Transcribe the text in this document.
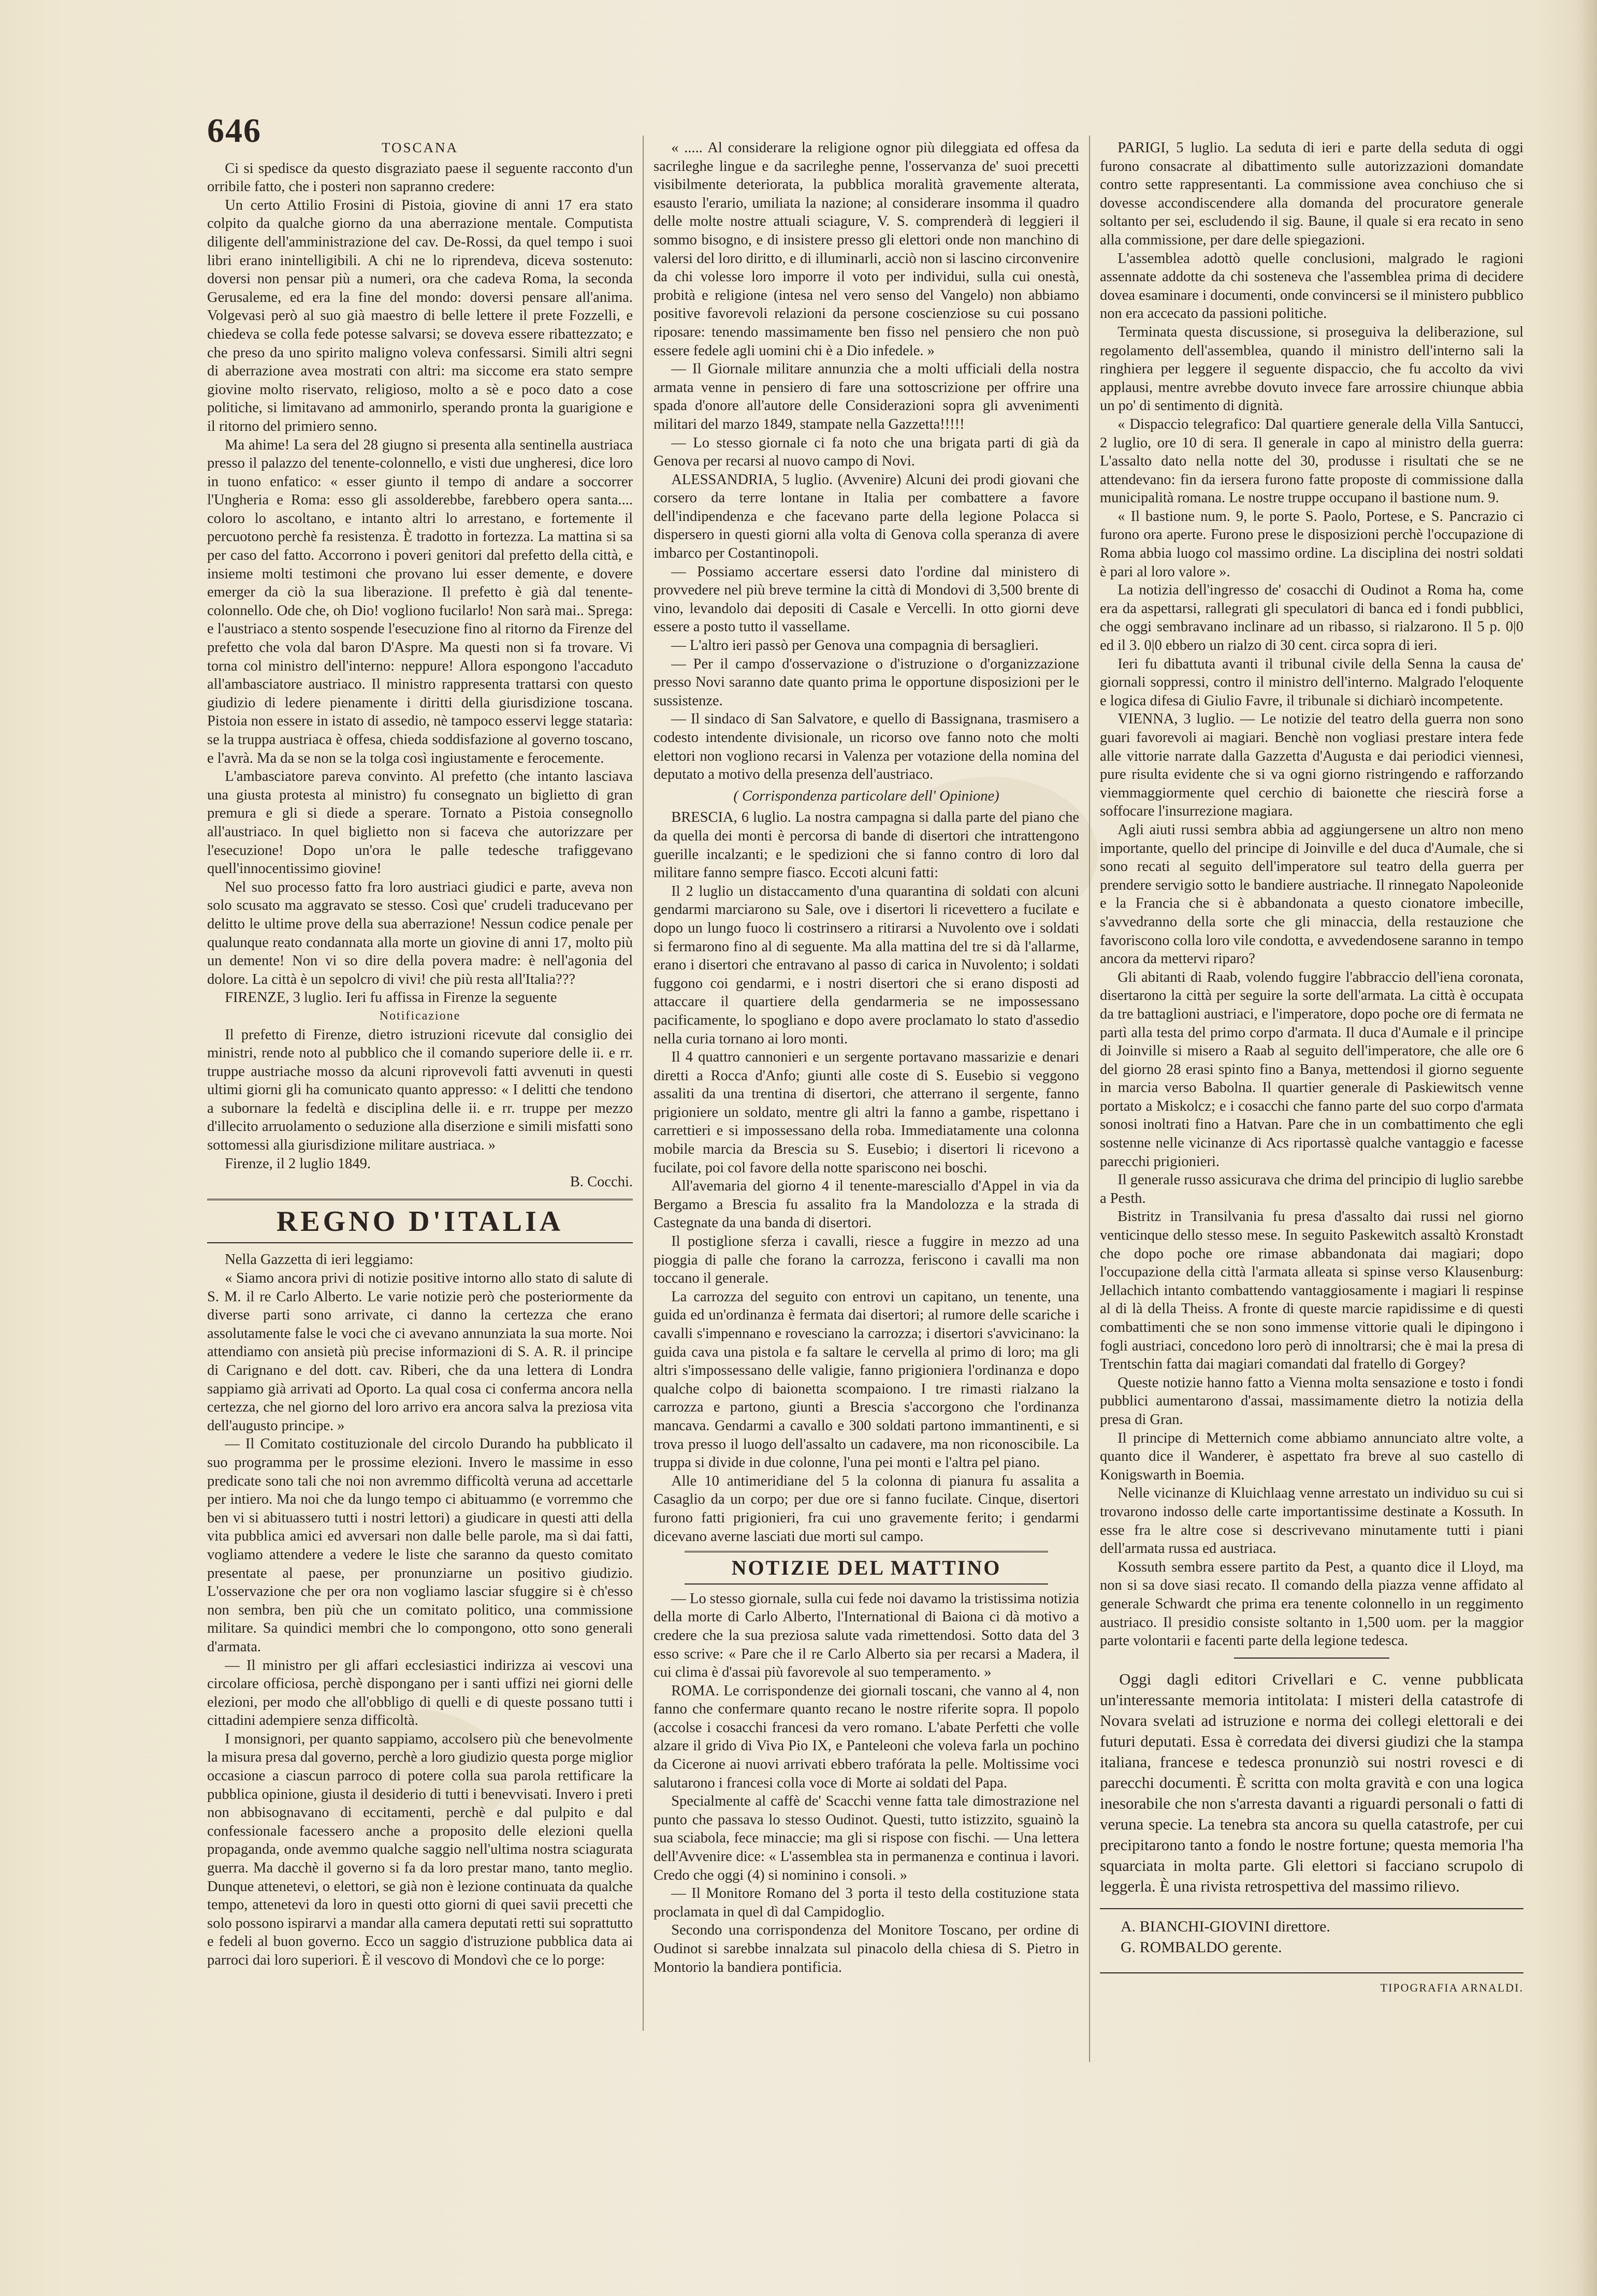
646	TOSCANA

Ci si spedisce da questo disgraziato paese il seguente racconto d'un orribile fatto, che i posteri non sapranno credere:

Un certo Attilio Frosini di Pistoia, giovine di anni 17 era stato colpito da qualche giorno da una aberrazione mentale. Computista diligente dell'amministrazione del cav. De-Rossi, da quel tempo i suoi libri erano inintelligibili. A chi ne lo riprendeva, diceva sostenuto: doversi non pensar più a numeri, ora che cadeva Roma, la seconda Gerusaleme, ed era la fine del mondo: doversi pensare all'anima. Volgevasi però al suo già maestro di belle lettere il prete Fozzelli, e chiedeva se colla fede potesse salvarsi; se doveva essere ribattezzato; e che preso da uno spirito maligno voleva confessarsi. Simili altri segni di aberrazione avea mostrati con altri: ma siccome era stato sempre giovine molto riservato, religioso, molto a sè e poco dato a cose politiche, si limitavano ad ammonirlo, sperando pronta la guarigione e il ritorno del primiero senno.

Ma ahime! La sera del 28 giugno si presenta alla sentinella austriaca presso il palazzo del tenente-colonnello, e visti due ungheresi, dice loro in tuono enfatico: « esser giunto il tempo di andare a soccorrer l'Ungheria e Roma: esso gli assolderebbe, farebbero opera santa.... coloro lo ascoltano, e intanto altri lo arrestano, e fortemente il percuotono perchè fa resistenza. È tradotto in fortezza. La mattina si sa per caso del fatto. Accorrono i poveri genitori dal prefetto della città, e insieme molti testimoni che provano lui esser demente, e dovere emerger da ciò la sua liberazione. Il prefetto è già dal tenente-colonnello. Ode che, oh Dio! vogliono fucilarlo! Non sarà mai.. Sprega: e l'austriaco a stento sospende l'esecuzione fino al ritorno da Firenze del prefetto che vola dal baron D'Aspre. Ma questi non si fa trovare. Vi torna col ministro dell'interno: neppure! Allora espongono l'accaduto all'ambasciatore austriaco. Il ministro rappresenta trattarsi con questo giudizio di ledere pienamente i diritti della giurisdizione toscana. Pistoia non essere in istato di assedio, nè tampoco esservi legge statarìa: se la truppa austriaca è offesa, chieda soddisfazione al governo toscano, e l'avrà. Ma da se non se la tolga così ingiustamente e ferocemente.

L'ambasciatore pareva convinto. Al prefetto (che intanto lasciava una giusta protesta al ministro) fu consegnato un biglietto di gran premura e gli si diede a sperare. Tornato a Pistoia consegnollo all'austriaco. In quel biglietto non si faceva che autorizzare per l'esecuzione! Dopo un'ora le palle tedesche trafiggevano quell'innocentissimo giovine!

Nel suo processo fatto fra loro austriaci giudici e parte, aveva non solo scusato ma aggravato se stesso. Così que' crudeli traducevano per delitto le ultime prove della sua aberrazione! Nessun codice penale per qualunque reato condannata alla morte un giovine di anni 17, molto più un demente! Non vi so dire della povera madre: è nell'agonia del dolore. La città è un sepolcro di vivi! che più resta all'Italia???

FIRENZE, 3 luglio. Ieri fu affissa in Firenze la seguente

Notificazione

Il prefetto di Firenze, dietro istruzioni ricevute dal consiglio dei ministri, rende noto al pubblico che il comando superiore delle ii. e rr. truppe austriache mosso da alcuni riprovevoli fatti avvenuti in questi ultimi giorni gli ha comunicato quanto appresso: « I delitti che tendono a subornare la fedeltà e disciplina delle ii. e rr. truppe per mezzo d'illecito arruolamento o seduzione alla diserzione e simili misfatti sono sottomessi alla giurisdizione militare austriaca. »

Firenze, il 2 luglio 1849.

B. Cocchi.

REGNO D'ITALIA

Nella Gazzetta di ieri leggiamo:

« Siamo ancora privi di notizie positive intorno allo stato di salute di S. M. il re Carlo Alberto. Le varie notizie però che posteriormente da diverse parti sono arrivate, ci danno la certezza che erano assolutamente false le voci che ci avevano annunziata la sua morte. Noi attendiamo con ansietà più precise informazioni di S. A. R. il principe di Carignano e del dott. cav. Riberi, che da una lettera di Londra sappiamo già arrivati ad Oporto. La qual cosa ci conferma ancora nella certezza, che nel giorno del loro arrivo era ancora salva la preziosa vita dell'augusto principe. »

— Il Comitato costituzionale del circolo Durando ha pubblicato il suo programma per le prossime elezioni. Invero le massime in esso predicate sono tali che noi non avremmo difficoltà veruna ad accettarle per intiero. Ma noi che da lungo tempo ci abituammo (e vorremmo che ben vi si abituassero tutti i nostri lettori) a giudicare in questi atti della vita pubblica amici ed avversari non dalle belle parole, ma sì dai fatti, vogliamo attendere a vedere le liste che saranno da questo comitato presentate al paese, per pronunziarne un positivo giudizio. L'osservazione che per ora non vogliamo lasciar sfuggire si è ch'esso non sembra, ben più che un comitato politico, una commissione militare. Sa quindici membri che lo compongono, otto sono generali d'armata.

— Il ministro per gli affari ecclesiastici indirizza ai vescovi una circolare officiosa, perchè dispongano per i santi uffizi nei giorni delle elezioni, per modo che all'obbligo di quelli e di queste possano tutti i cittadini adempiere senza difficoltà.

I monsignori, per quanto sappiamo, accolsero più che benevolmente la misura presa dal governo, perchè a loro giudizio questa porge miglior occasione a ciascun parroco di potere colla sua parola rettificare la pubblica opinione, giusta il desiderio di tutti i benevvisati. Invero i preti non abbisognavano di eccitamenti, perchè e dal pulpito e dal confessionale facessero anche a proposito delle elezioni quella propaganda, onde avemmo qualche saggio nell'ultima nostra sciagurata guerra. Ma dacchè il governo si fa da loro prestar mano, tanto meglio. Dunque attenetevi, o elettori, se già non è lezione continuata da qualche tempo, attenetevi da loro in questi otto giorni di quei savii precetti che solo possono ispirarvi a mandar alla camera deputati retti sui soprattutto e fedeli al buon governo. Ecco un saggio d'istruzione pubblica data ai parroci dai loro superiori. È il vescovo di Mondovì che ce lo porge:

« ..... Al considerare la religione ognor più dileggiata ed offesa da sacrileghe lingue e da sacrileghe penne, l'osservanza de' suoi precetti visibilmente deteriorata, la pubblica moralità gravemente alterata, esausto l'erario, umiliata la nazione; al considerare insomma il quadro delle molte nostre attuali sciagure, V. S. comprenderà di leggieri il sommo bisogno, e di insistere presso gli elettori onde non manchino di valersi del loro diritto, e di illuminarli, acciò non si lascino circonvenire da chi volesse loro imporre il voto per individui, sulla cui onestà, probità e religione (intesa nel vero senso del Vangelo) non abbiamo positive favorevoli relazioni da persone coscienziose su cui possano riposare: tenendo massimamente ben fisso nel pensiero che non può essere fedele agli uomini chi è a Dio infedele. »

— Il Giornale militare annunzia che a molti ufficiali della nostra armata venne in pensiero di fare una sottoscrizione per offrire una spada d'onore all'autore delle Considerazioni sopra gli avvenimenti militari del marzo 1849, stampate nella Gazzetta!!!!!

— Lo stesso giornale ci fa noto che una brigata parti di già da Genova per recarsi al nuovo campo di Novi.

ALESSANDRIA, 5 luglio. (Avvenire) Alcuni dei prodi giovani che corsero da terre lontane in Italia per combattere a favore dell'indipendenza e che facevano parte della legione Polacca si dispersero in questi giorni alla volta di Genova colla speranza di avere imbarco per Costantinopoli.

— Possiamo accertare essersi dato l'ordine dal ministero di provvedere nel più breve termine la città di Mondovi di 3,500 brente di vino, levandolo dai depositi di Casale e Vercelli. In otto giorni deve essere a posto tutto il vassellame.

— L'altro ieri passò per Genova una compagnia di bersaglieri.

— Per il campo d'osservazione o d'istruzione o d'organizzazione presso Novi saranno date quanto prima le opportune disposizioni per le sussistenze.

— Il sindaco di San Salvatore, e quello di Bassignana, trasmisero a codesto intendente divisionale, un ricorso ove fanno noto che molti elettori non vogliono recarsi in Valenza per votazione della nomina del deputato a motivo della presenza dell'austriaco.

( Corrispondenza particolare dell' Opinione)

BRESCIA, 6 luglio. La nostra campagna si dalla parte del piano che da quella dei monti è percorsa di bande di disertori che intrattengono guerille incalzanti; e le spedizioni che si fanno contro di loro dal militare fanno sempre fiasco. Eccoti alcuni fatti:

Il 2 luglio un distaccamento d'una quarantina di soldati con alcuni gendarmi marciarono su Sale, ove i disertori li ricevettero a fucilate e dopo un lungo fuoco li costrinsero a ritirarsi a Nuvolento ove i soldati si fermarono fino al di seguente. Ma alla mattina del tre si dà l'allarme, erano i disertori che entravano al passo di carica in Nuvolento; i soldati fuggono coi gendarmi, e i nostri disertori che si erano disposti ad attaccare il quartiere della gendarmeria se ne impossessano pacificamente, lo spogliano e dopo avere proclamato lo stato d'assedio nella curia tornano ai loro monti.

Il 4 quattro cannonieri e un sergente portavano massarizie e denari diretti a Rocca d'Anfo; giunti alle coste di S. Eusebio si veggono assaliti da una trentina di disertori, che atterrano il sergente, fanno prigioniere un soldato, mentre gli altri la fanno a gambe, rispettano i carrettieri e si impossessano della roba. Immediatamente una colonna mobile marcia da Brescia su S. Eusebio; i disertori li ricevono a fucilate, poi col favore della notte spariscono nei boschi.

All'avemaria del giorno 4 il tenente-maresciallo d'Appel in via da Bergamo a Brescia fu assalito fra la Mandolozza e la strada di Castegnate da una banda di disertori.

Il postiglione sferza i cavalli, riesce a fuggire in mezzo ad una pioggia di palle che forano la carrozza, feriscono i cavalli ma non toccano il generale.

La carrozza del seguito con entrovi un capitano, un tenente, una guida ed un'ordinanza è fermata dai disertori; al rumore delle scariche i cavalli s'impennano e rovesciano la carrozza; i disertori s'avvicinano: la guida cava una pistola e fa saltare le cervella al primo di loro; ma gli altri s'impossessano delle valigie, fanno prigioniera l'ordinanza e dopo qualche colpo di baionetta scompaiono. I tre rimasti rialzano la carrozza e partono, giunti a Brescia s'accorgono che l'ordinanza mancava. Gendarmi a cavallo e 300 soldati partono immantinenti, e si trova presso il luogo dell'assalto un cadavere, ma non riconoscibile. La truppa si divide in due colonne, l'una pei monti e l'altra pel piano.

Alle 10 antimeridiane del 5 la colonna di pianura fu assalita a Casaglio da un corpo; per due ore si fanno fucilate. Cinque, disertori furono fatti prigionieri, fra cui uno gravemente ferito; i gendarmi dicevano averne lasciati due morti sul campo.

NOTIZIE DEL MATTINO

— Lo stesso giornale, sulla cui fede noi davamo la tristissima notizia della morte di Carlo Alberto, l'International di Baiona ci dà motivo a credere che la sua preziosa salute vada rimettendosi. Sotto data del 3 esso scrive: « Pare che il re Carlo Alberto sia per recarsi a Madera, il cui clima è d'assai più favorevole al suo temperamento. »

ROMA. Le corrispondenze dei giornali toscani, che vanno al 4, non fanno che confermare quanto recano le nostre riferite sopra. Il popolo (accolse i cosacchi francesi da vero romano. L'abate Perfetti che volle alzare il grido di Viva Pio IX, e Panteleoni che voleva farla un pochino da Cicerone ai nuovi arrivati ebbero trafórata la pelle. Moltissime voci salutarono i francesi colla voce di Morte ai soldati del Papa.

Specialmente al caffè de' Scacchi venne fatta tale dimostrazione nel punto che passava lo stesso Oudinot. Questi, tutto istizzito, sguainò la sua sciabola, fece minaccie; ma gli si rispose con fischi. — Una lettera dell'Avvenire dice: « L'assemblea sta in permanenza e continua i lavori. Credo che oggi (4) si nominino i consoli. »

— Il Monitore Romano del 3 porta il testo della costituzione stata proclamata in quel dì dal Campidoglio.

Secondo una corrispondenza del Monitore Toscano, per ordine di Oudinot si sarebbe innalzata sul pinacolo della chiesa di S. Pietro in Montorio la bandiera pontificia.

PARIGI, 5 luglio. La seduta di ieri e parte della seduta di oggi furono consacrate al dibattimento sulle autorizzazioni domandate contro sette rappresentanti. La commissione avea conchiuso che si dovesse accondiscendere alla domanda del procuratore generale soltanto per sei, escludendo il sig. Baune, il quale si era recato in seno alla commissione, per dare delle spiegazioni.

L'assemblea adottò quelle conclusioni, malgrado le ragioni assennate addotte da chi sosteneva che l'assemblea prima di decidere dovea esaminare i documenti, onde convincersi se il ministero pubblico non era accecato da passioni politiche.

Terminata questa discussione, si proseguiva la deliberazione, sul regolamento dell'assemblea, quando il ministro dell'interno sali la ringhiera per leggere il seguente dispaccio, che fu accolto da vivi applausi, mentre avrebbe dovuto invece fare arrossire chiunque abbia un po' di sentimento di dignità.

« Dispaccio telegrafico: Dal quartiere generale della Villa Santucci, 2 luglio, ore 10 di sera. Il generale in capo al ministro della guerra: L'assalto dato nella notte del 30, produsse i risultati che se ne attendevano: fin da iersera furono fatte proposte di commissione dalla municipalità romana. Le nostre truppe occupano il bastione num. 9.

« Il bastione num. 9, le porte S. Paolo, Portese, e S. Pancrazio ci furono ora aperte. Furono prese le disposizioni perchè l'occupazione di Roma abbia luogo col massimo ordine. La disciplina dei nostri soldati è pari al loro valore ».

La notizia dell'ingresso de' cosacchi di Oudinot a Roma ha, come era da aspettarsi, rallegrati gli speculatori di banca ed i fondi pubblici, che oggi sembravano inclinare ad un ribasso, si rialzarono. Il 5 p. 0|0 ed il 3. 0|0 ebbero un rialzo di 30 cent. circa sopra di ieri.

Ieri fu dibattuta avanti il tribunal civile della Senna la causa de' giornali soppressi, contro il ministro dell'interno. Malgrado l'eloquente e logica difesa di Giulio Favre, il tribunale si dichiarò incompetente.

VIENNA, 3 luglio. — Le notizie del teatro della guerra non sono guari favorevoli ai magiari. Benchè non vogliasi prestare intera fede alle vittorie narrate dalla Gazzetta d'Augusta e dai periodici viennesi, pure risulta evidente che si va ogni giorno ristringendo e rafforzando viemmaggiormente quel cerchio di baionette che riescirà forse a soffocare l'insurrezione magiara.

Agli aiuti russi sembra abbia ad aggiungersene un altro non meno importante, quello del principe di Joinville e del duca d'Aumale, che si sono recati al seguito dell'imperatore sul teatro della guerra per prendere servigio sotto le bandiere austriache. Il rinnegato Napoleonide e la Francia che si è abbandonata a questo cionatore imbecille, s'avvedranno della sorte che gli minaccia, della restauzione che favoriscono colla loro vile condotta, e avvedendosene saranno in tempo ancora da mettervi riparo?

Gli abitanti di Raab, volendo fuggire l'abbraccio dell'iena coronata, disertarono la città per seguire la sorte dell'armata. La città è occupata da tre battaglioni austriaci, e l'imperatore, dopo poche ore di fermata ne partì alla testa del primo corpo d'armata. Il duca d'Aumale e il principe di Joinville si misero a Raab al seguito dell'imperatore, che alle ore 6 del giorno 28 erasi spinto fino a Banya, mettendosi il giorno seguente in marcia verso Babolna. Il quartier generale di Paskiewitsch venne portato a Miskolcz; e i cosacchi che fanno parte del suo corpo d'armata sonosi inoltrati fino a Hatvan. Pare che in un combattimento che egli sostenne nelle vicinanze di Acs riportassè qualche vantaggio e facesse parecchi prigionieri.

Il generale russo assicurava che drima del principio di luglio sarebbe a Pesth.

Bistritz in Transilvania fu presa d'assalto dai russi nel giorno venticinque dello stesso mese. In seguito Paskewitch assaltò Kronstadt che dopo poche ore rimase abbandonata dai magiari; dopo l'occupazione della città l'armata alleata si spinse verso Klausenburg: Jellachich intanto combattendo vantaggiosamente i magiari li respinse al di là della Theiss. A fronte di queste marcie rapidissime e di questi combattimenti che se non sono immense vittorie quali le dipingono i fogli austriaci, concedono loro però di innoltrarsi; che è mai la presa di Trentschin fatta dai magiari comandati dal fratello di Gorgey?

Queste notizie hanno fatto a Vienna molta sensazione e tosto i fondi pubblici aumentarono d'assai, massimamente dietro la notizia della presa di Gran.

Il principe di Metternich come abbiamo annunciato altre volte, a quanto dice il Wanderer, è aspettato fra breve al suo castello di Konigswarth in Boemia.

Nelle vicinanze di Kluichlaag venne arrestato un individuo su cui si trovarono indosso delle carte importantissime destinate a Kossuth. In esse fra le altre cose si descrivevano minutamente tutti i piani dell'armata russa ed austriaca.

Kossuth sembra essere partito da Pest, a quanto dice il Lloyd, ma non si sa dove siasi recato. Il comando della piazza venne affidato al generale Schwardt che prima era tenente colonnello in un reggimento austriaco. Il presidio consiste soltanto in 1,500 uom. per la maggior parte volontarii e facenti parte della legione tedesca.

Oggi dagli editori Crivellari e C. venne pubblicata un'interessante memoria intitolata: I misteri della catastrofe di Novara svelati ad istruzione e norma dei collegi elettorali e dei futuri deputati. Essa è corredata dei diversi giudizi che la stampa italiana, francese e tedesca pronunziò sui nostri rovesci e di parecchi documenti. È scritta con molta gravità e con una logica inesorabile che non s'arresta davanti a riguardi personali o fatti di veruna specie. La tenebra sta ancora su quella catastrofe, per cui precipitarono tanto a fondo le nostre fortune; questa memoria l'ha squarciata in molta parte. Gli elettori si facciano scrupolo di leggerla. È una rivista retrospettiva del massimo rilievo.
A. BIANCHI-GIOVINI direttore.
G. ROMBALDO gerente.
TIPOGRAFIA ARNALDI.
